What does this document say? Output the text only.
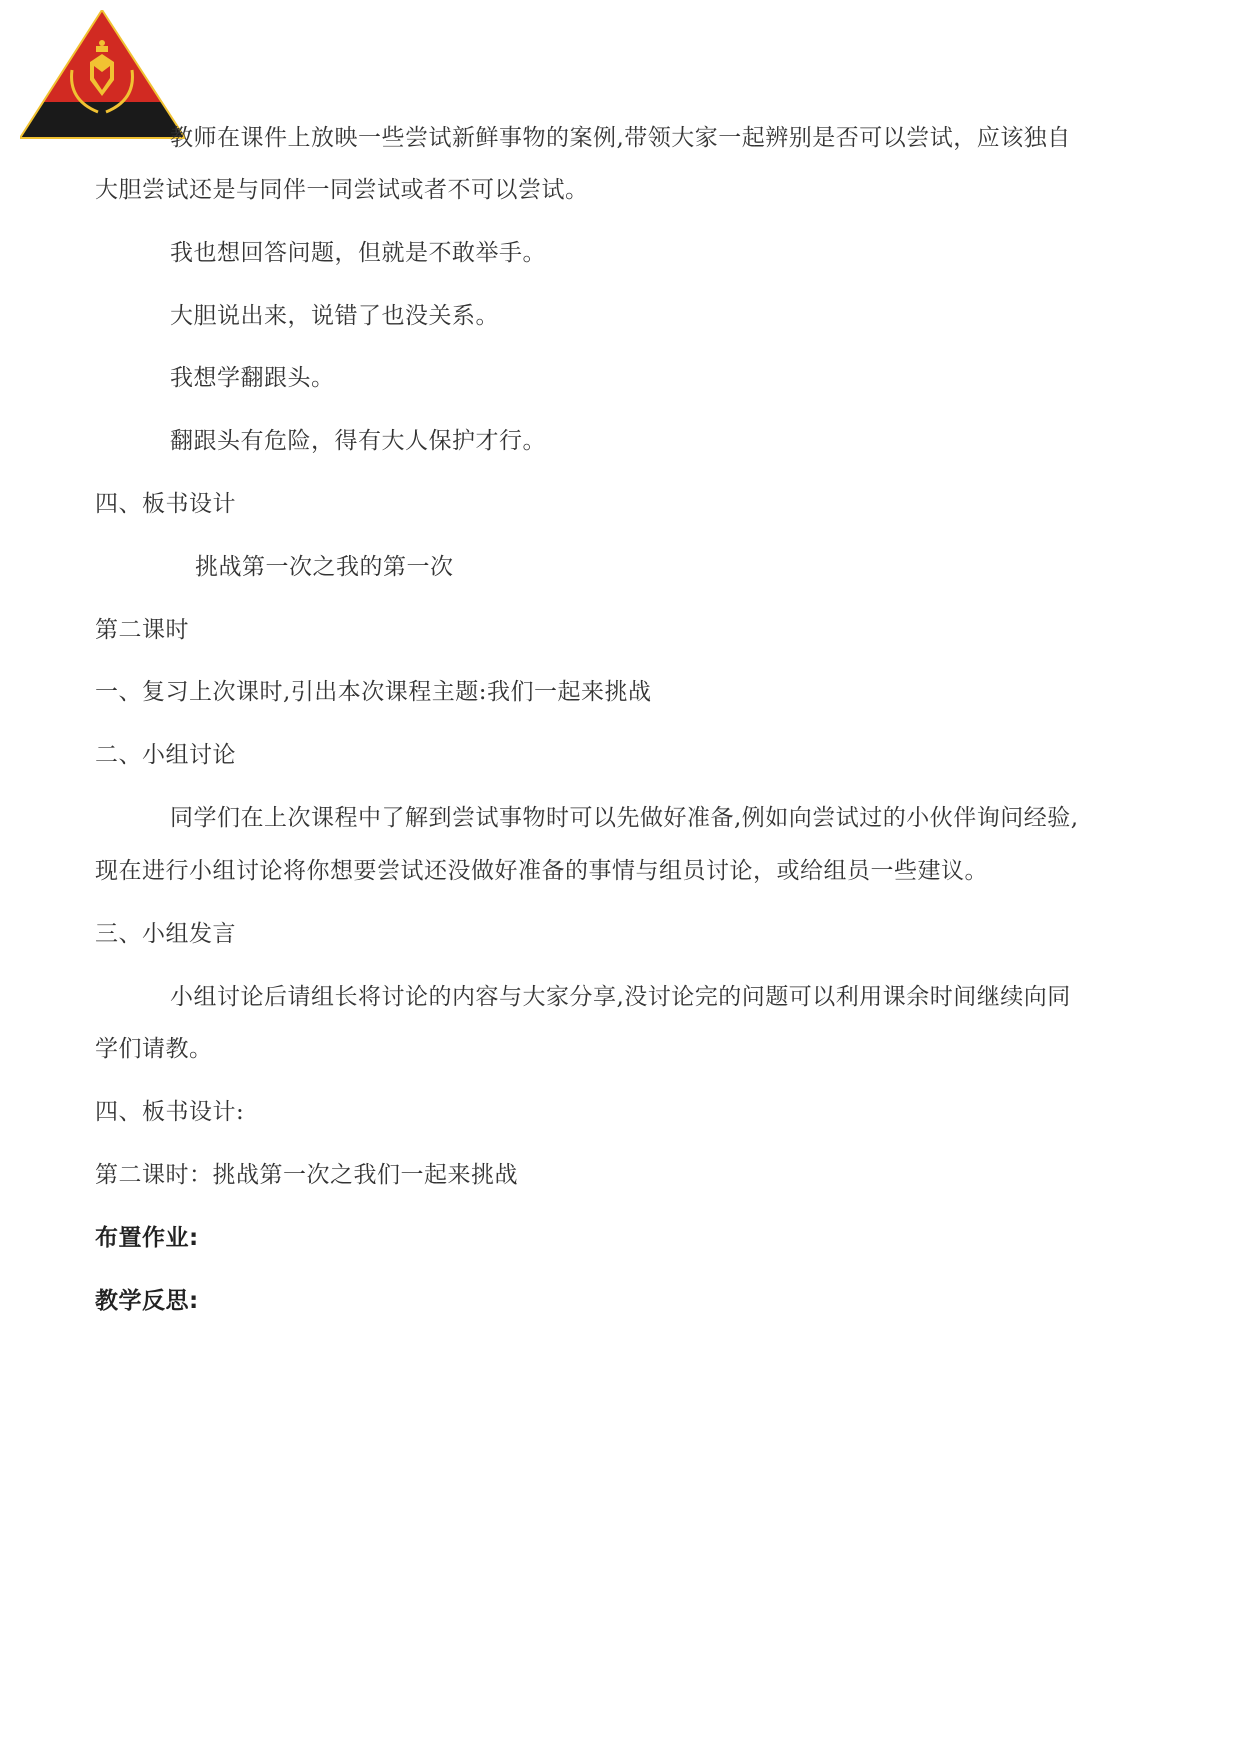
教师在课件上放映一些尝试新鲜事物的案例,带领大家一起辨别是否可以尝试，应该独自
大胆尝试还是与同伴一同尝试或者不可以尝试。
我也想回答问题，但就是不敢举手。
大胆说出来，说错了也没关系。
我想学翻跟头。
翻跟头有危险，得有大人保护才行。
四、板书设计
挑战第一次之我的第一次
第二课时
一、复习上次课时,引出本次课程主题:我们一起来挑战
二、小组讨论
同学们在上次课程中了解到尝试事物时可以先做好准备,例如向尝试过的小伙伴询问经验,
现在进行小组讨论将你想要尝试还没做好准备的事情与组员讨论，或给组员一些建议。
三、小组发言
小组讨论后请组长将讨论的内容与大家分享,没讨论完的问题可以利用课余时间继续向同
学们请教。
四、板书设计:
第二课时：挑战第一次之我们一起来挑战
布置作业:
教学反思:
